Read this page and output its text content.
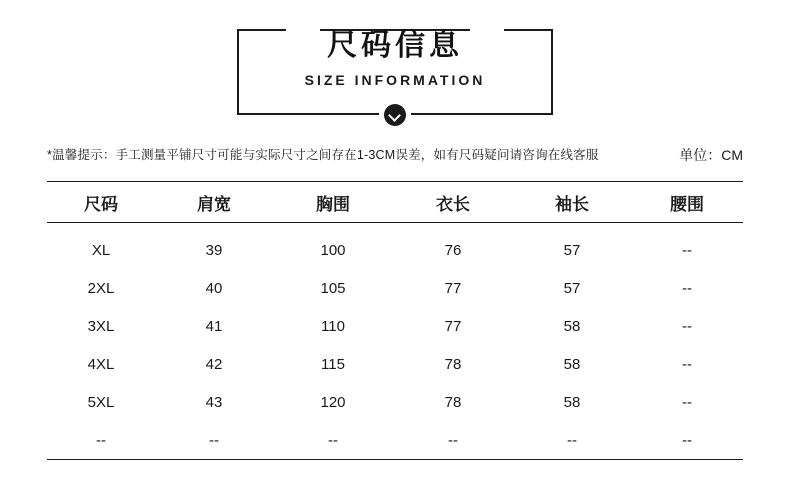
尺码信息
SIZE INFORMATION
*温馨提示：手工测量平铺尺寸可能与实际尺寸之间存在1-3CM误差，如有尺码疑问请咨询在线客服	单位：CM
尺码	肩宽	胸围	衣长	袖长	腰围
XL	39	100	76	57	--
2XL	40	105	77	57	--
3XL	41	110	77	58	--
4XL	42	115	78	58	--
5XL	43	120	78	58	--
--	--	--	--	--	--
